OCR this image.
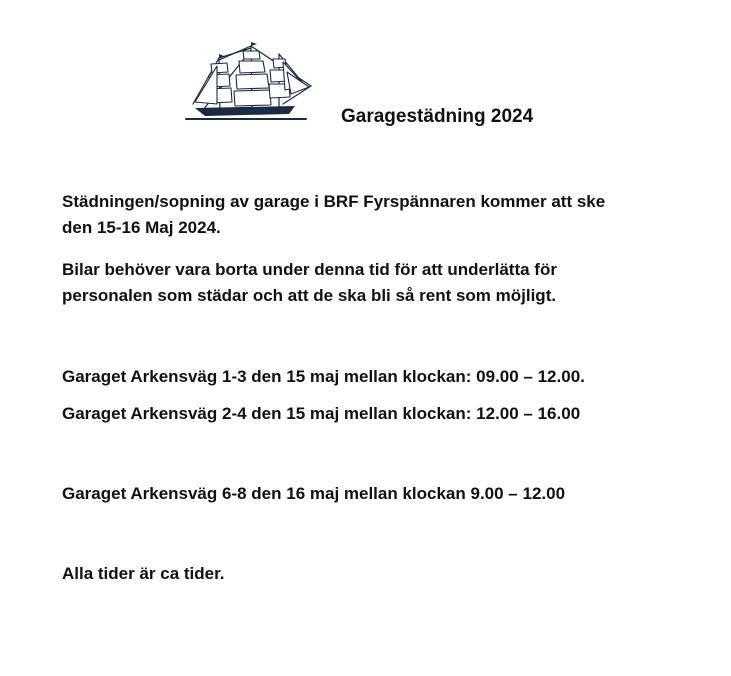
Garagestädning 2024
Städningen/sopning av garage i BRF Fyrspännaren kommer att ske
den 15-16 Maj 2024.
Bilar behöver vara borta under denna tid för att underlätta för
personalen som städar och att de ska bli så rent som möjligt.
Garaget Arkensväg 1-3 den 15 maj mellan klockan: 09.00 – 12.00.
Garaget Arkensväg 2-4 den 15 maj mellan klockan: 12.00 – 16.00
Garaget Arkensväg 6-8 den 16 maj mellan klockan 9.00 – 12.00
Alla tider är ca tider.
